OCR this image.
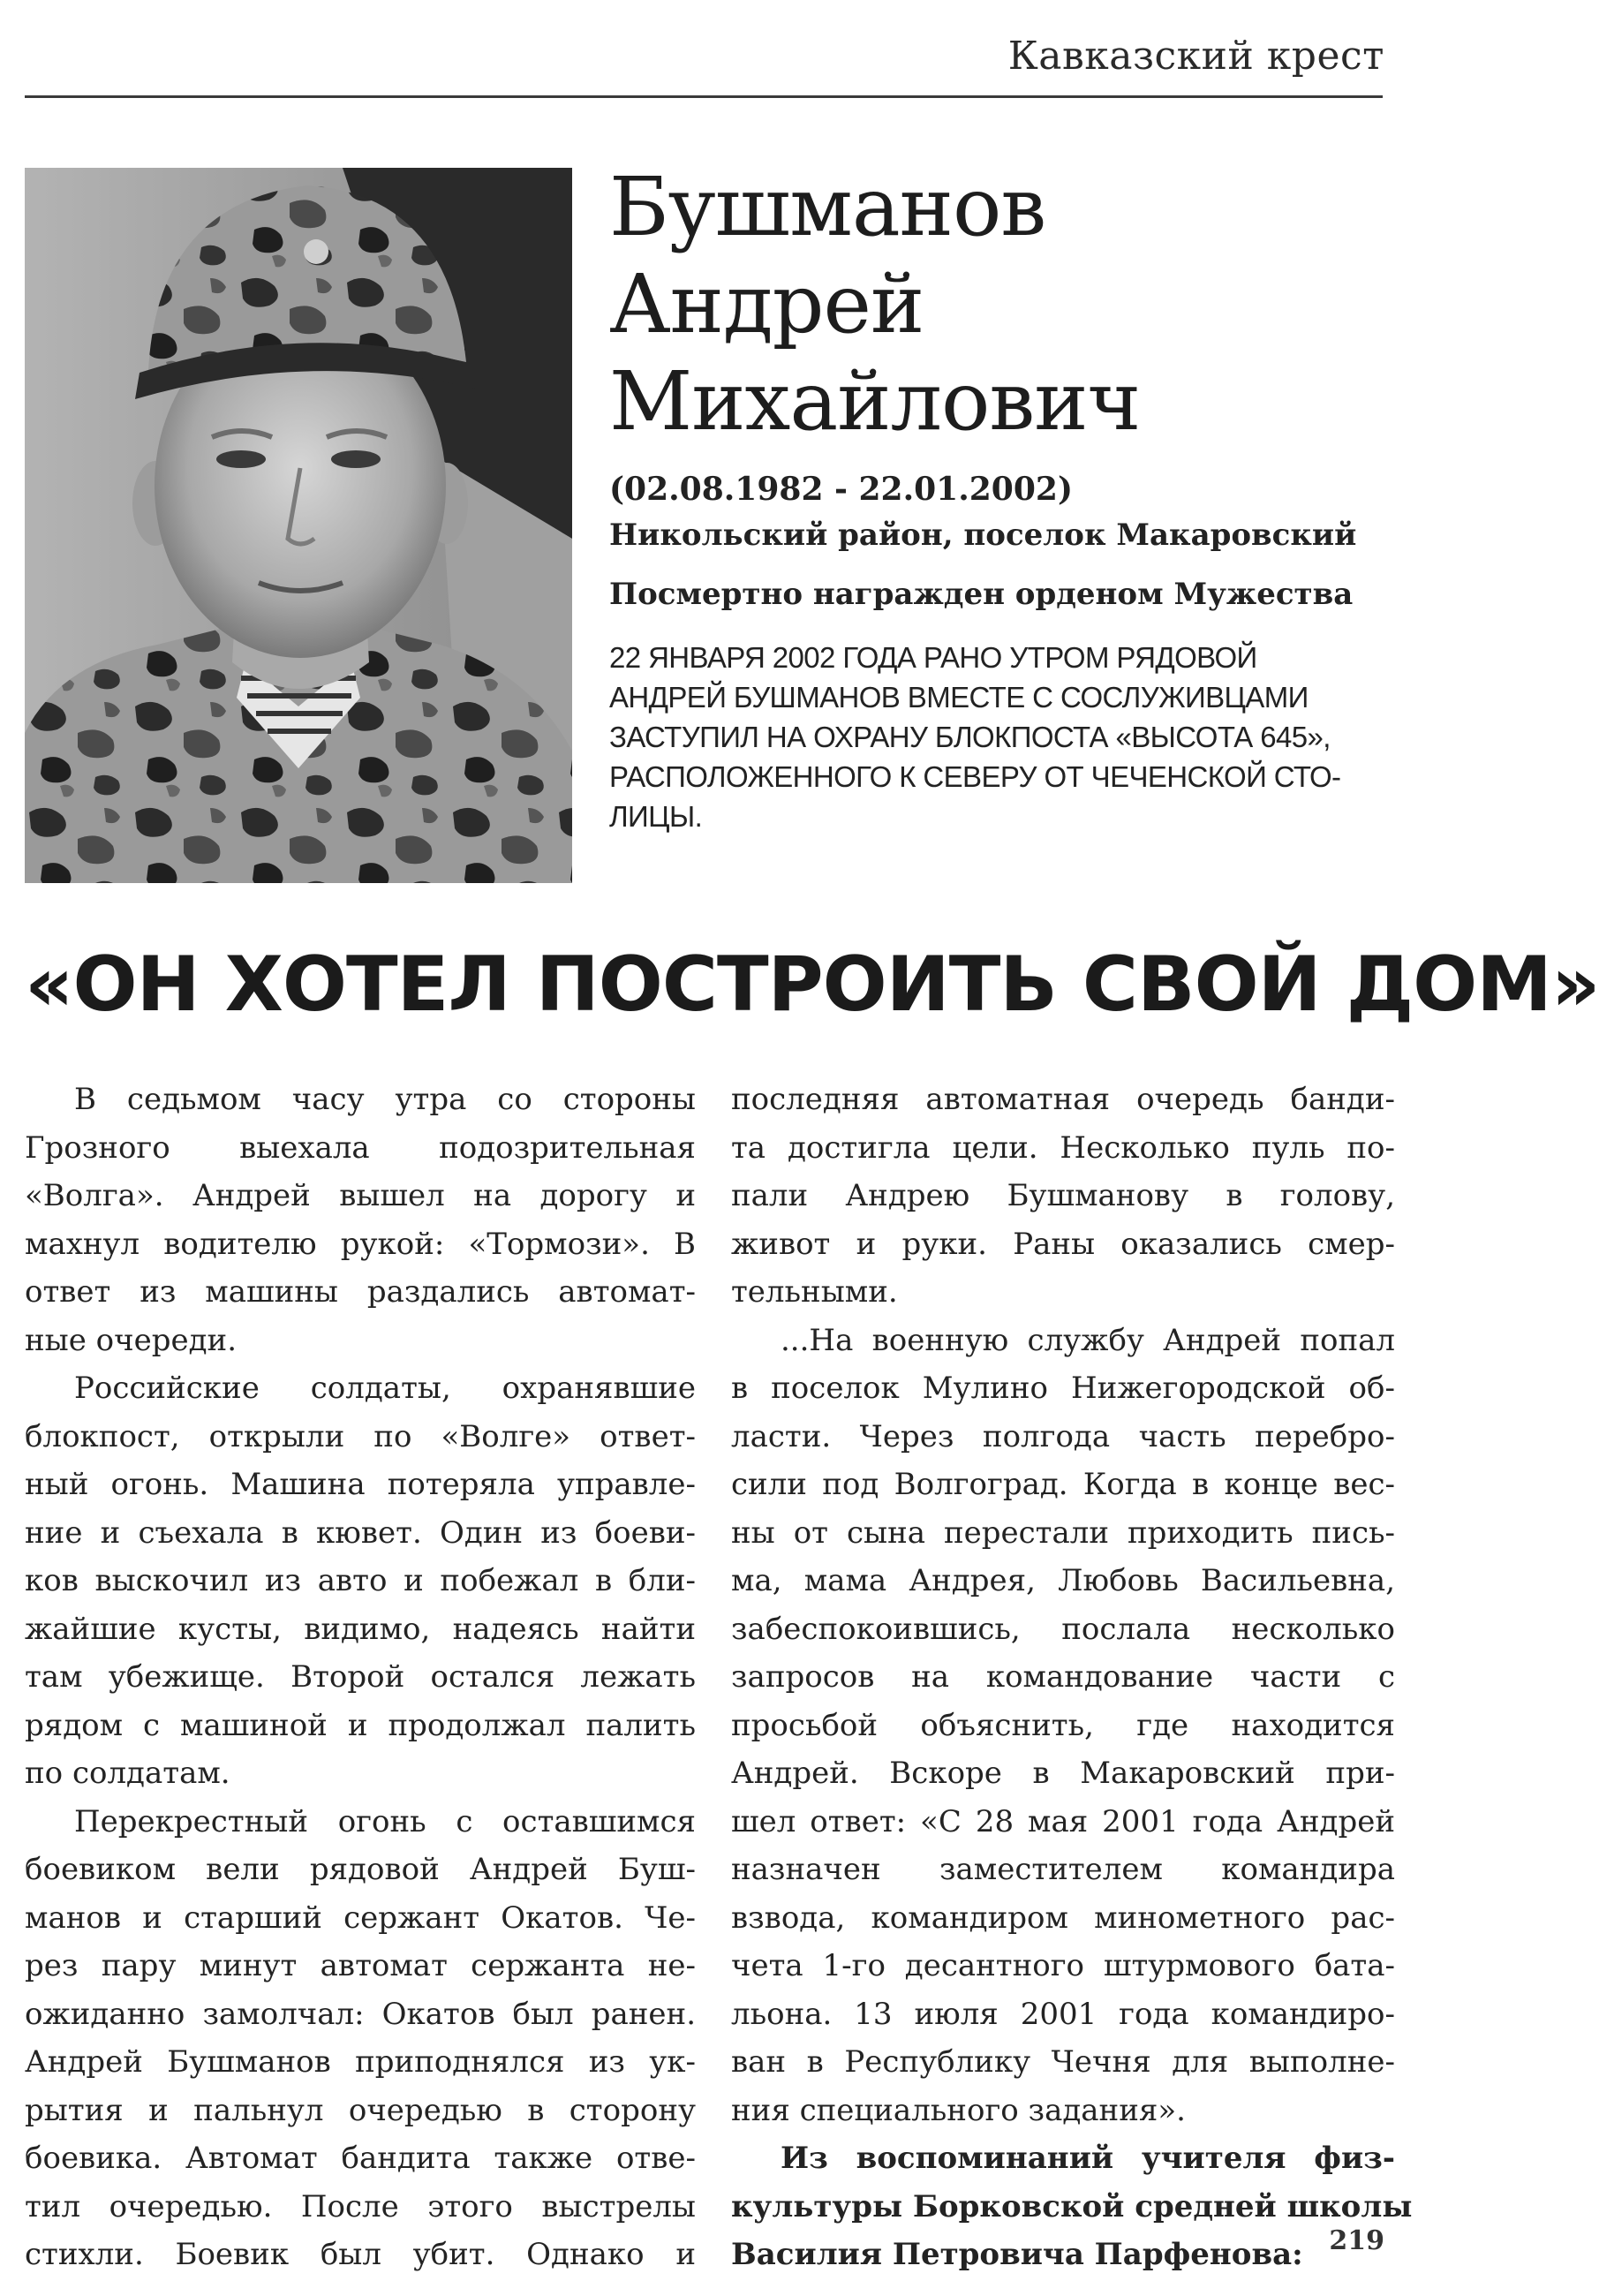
Кавказский крест
Бушманов
Андрей
Михайлович
(02.08.1982 - 22.01.2002)
Никольский район, поселок Макаровский
Посмертно награжден орденом Мужества
22 ЯНВАРЯ 2002 ГОДА РАНО УТРОМ РЯДОВОЙ
АНДРЕЙ БУШМАНОВ ВМЕСТЕ С СОСЛУЖИВЦАМИ
ЗАСТУПИЛ НА ОХРАНУ БЛОКПОСТА «ВЫСОТА 645»,
РАСПОЛОЖЕННОГО К СЕВЕРУ ОТ ЧЕЧЕНСКОЙ СТО-
ЛИЦЫ.
«ОН ХОТЕЛ ПОСТРОИТЬ СВОЙ ДОМ»
В седьмом часу утра со стороны
Грозного выехала подозрительная
«Волга». Андрей вышел на дорогу и
махнул водителю рукой: «Тормози». В
ответ из машины раздались автомат-
ные очереди.
Российские солдаты, охранявшие
блокпост, открыли по «Волге» ответ-
ный огонь. Машина потеряла управле-
ние и съехала в кювет. Один из боеви-
ков выскочил из авто и побежал в бли-
жайшие кусты, видимо, надеясь найти
там убежище. Второй остался лежать
рядом с машиной и продолжал палить
по солдатам.
Перекрестный огонь с оставшимся
боевиком вели рядовой Андрей Буш-
манов и старший сержант Окатов. Че-
рез пару минут автомат сержанта не-
ожиданно замолчал: Окатов был ранен.
Андрей Бушманов приподнялся из ук-
рытия и пальнул очередью в сторону
боевика. Автомат бандита также отве-
тил очередью. После этого выстрелы
стихли. Боевик был убит. Однако и
последняя автоматная очередь банди-
та достигла цели. Несколько пуль по-
пали Андрею Бушманову в голову,
живот и руки. Раны оказались смер-
тельными.
...На военную службу Андрей попал
в поселок Мулино Нижегородской об-
ласти. Через полгода часть перебро-
сили под Волгоград. Когда в конце вес-
ны от сына перестали приходить пись-
ма, мама Андрея, Любовь Васильевна,
забеспокоившись, послала несколько
запросов на командование части с
просьбой объяснить, где находится
Андрей. Вскоре в Макаровский при-
шел ответ: «С 28 мая 2001 года Андрей
назначен заместителем командира
взвода, командиром минометного рас-
чета 1-го десантного штурмового бата-
льона. 13 июля 2001 года командиро-
ван в Республику Чечня для выполне-
ния специального задания».
Из воспоминаний учителя физ-
культуры Борковской средней школы
Василия Петровича Парфенова: 219
